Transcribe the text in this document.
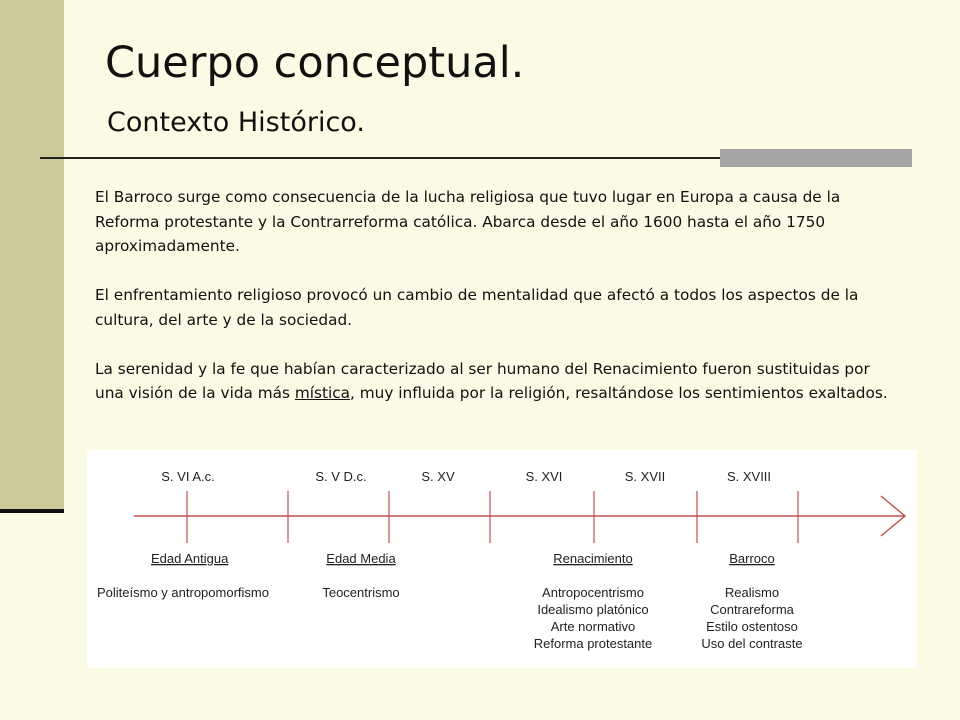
Cuerpo conceptual.
Contexto Histórico.

El Barroco surge como consecuencia de la lucha religiosa que tuvo lugar en Europa a causa de la Reforma protestante y la Contrarreforma católica. Abarca desde el año 1600 hasta el año 1750 aproximadamente.

El enfrentamiento religioso provocó un cambio de mentalidad que afectó a todos los aspectos de la cultura, del arte y de la sociedad.

La serenidad y la fe que habían caracterizado al ser humano del Renacimiento fueron sustituidas por una visión de la vida más mística, muy influida por la religión, resaltándose los sentimientos exaltados.

S. VI A.c.	S. V D.c.	S. XV	S. XVI	S. XVII	S. XVIII
Edad Antigua
Politeísmo y antropomorfismo
Edad Media
Teocentrismo
Renacimiento
Antropocentrismo
Idealismo platónico
Arte normativo
Reforma protestante
Barroco
Realismo
Contrareforma
Estilo ostentoso
Uso del contraste
